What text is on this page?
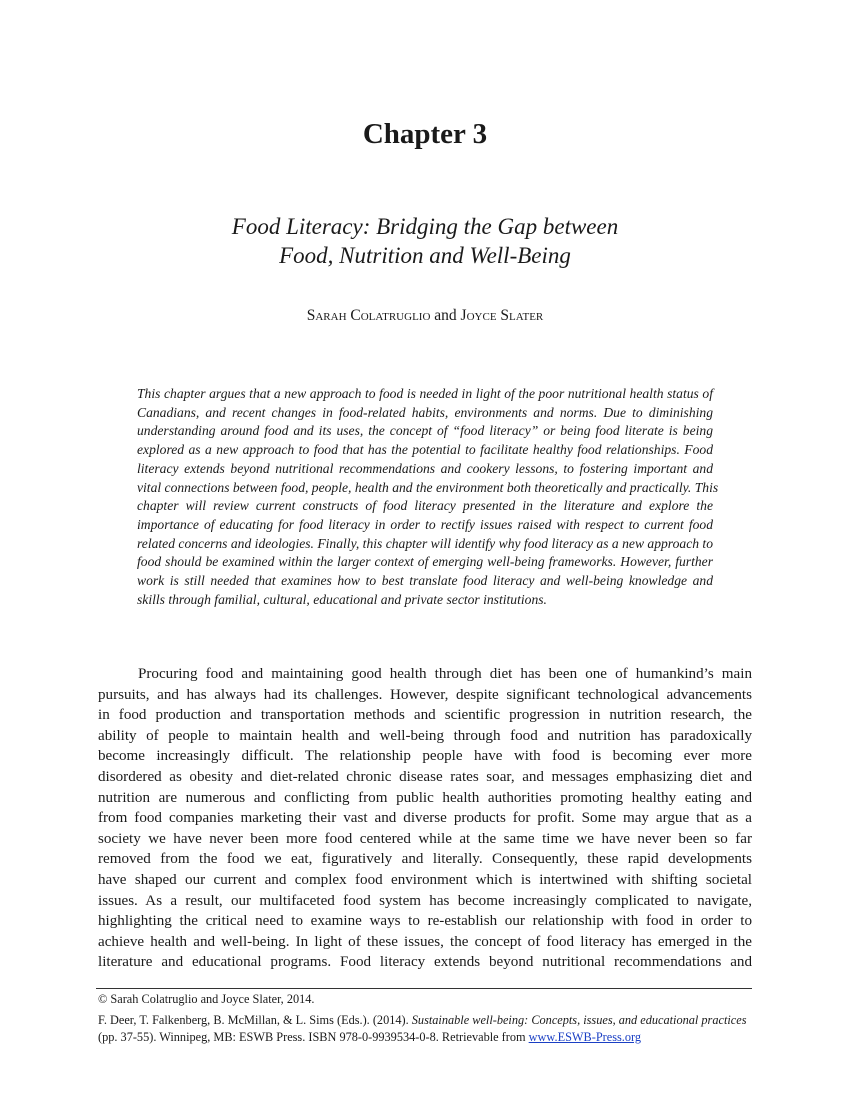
Chapter 3
Food Literacy: Bridging the Gap between
Food, Nutrition and Well-Being
Sarah Colatruglio and Joyce Slater
This chapter argues that a new approach to food is needed in light of the poor nutritional health status of
Canadians, and recent changes in food-related habits, environments and norms. Due to diminishing
understanding around food and its uses, the concept of “food literacy” or being food literate is being
explored as a new approach to food that has the potential to facilitate healthy food relationships. Food
literacy extends beyond nutritional recommendations and cookery lessons, to fostering important and
vital connections between food, people, health and the environment both theoretically and practically. This
chapter will review current constructs of food literacy presented in the literature and explore the
importance of educating for food literacy in order to rectify issues raised with respect to current food
related concerns and ideologies. Finally, this chapter will identify why food literacy as a new approach to
food should be examined within the larger context of emerging well-being frameworks. However, further
work is still needed that examines how to best translate food literacy and well-being knowledge and
skills through familial, cultural, educational and private sector institutions.
Procuring food and maintaining good health through diet has been one of humankind’s main
pursuits, and has always had its challenges. However, despite significant technological advancements
in food production and transportation methods and scientific progression in nutrition research, the
ability of people to maintain health and well-being through food and nutrition has paradoxically
become increasingly difficult. The relationship people have with food is becoming ever more
disordered as obesity and diet-related chronic disease rates soar, and messages emphasizing diet and
nutrition are numerous and conflicting from public health authorities promoting healthy eating and
from food companies marketing their vast and diverse products for profit. Some may argue that as a
society we have never been more food centered while at the same time we have never been so far
removed from the food we eat, figuratively and literally. Consequently, these rapid developments
have shaped our current and complex food environment which is intertwined with shifting societal
issues. As a result, our multifaceted food system has become increasingly complicated to navigate,
highlighting the critical need to examine ways to re-establish our relationship with food in order to
achieve health and well-being. In light of these issues, the concept of food literacy has emerged in the
literature and educational programs. Food literacy extends beyond nutritional recommendations and
© Sarah Colatruglio and Joyce Slater, 2014.
F. Deer, T. Falkenberg, B. McMillan, & L. Sims (Eds.). (2014). Sustainable well-being: Concepts, issues, and educational practices
(pp. 37-55). Winnipeg, MB: ESWB Press. ISBN 978-0-9939534-0-8. Retrievable from www.ESWB-Press.org
